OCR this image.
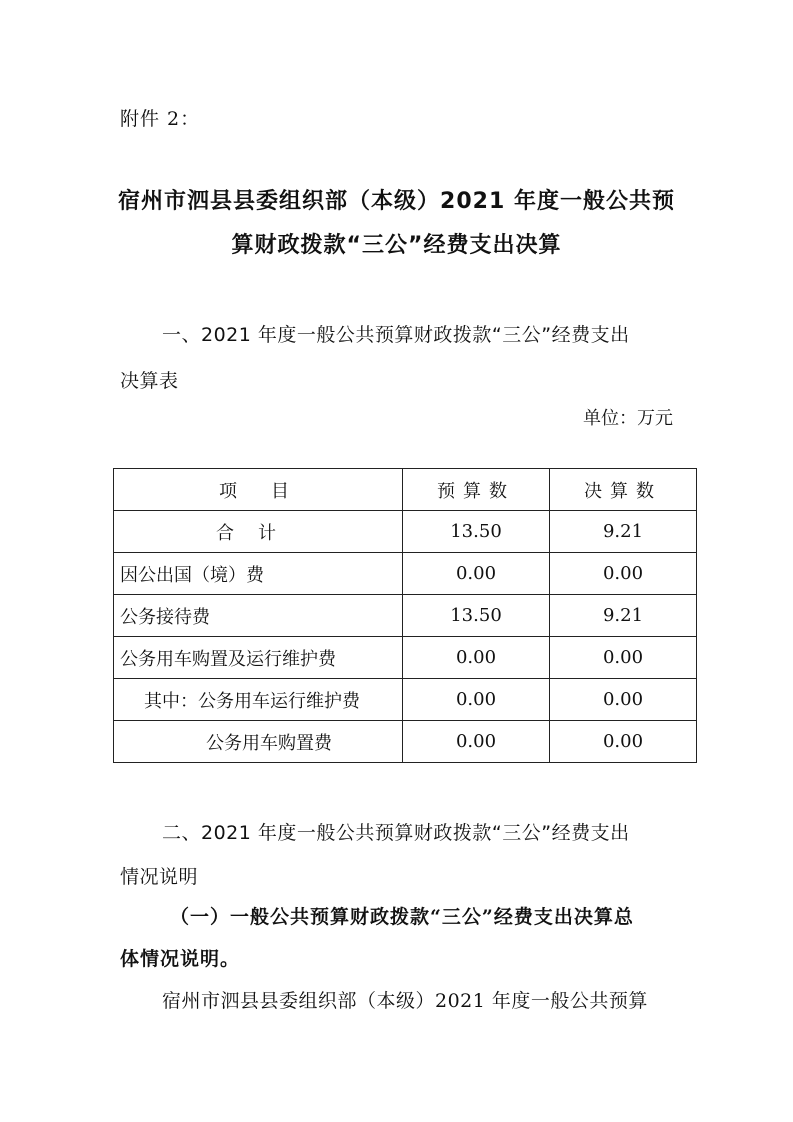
附件 2：
宿州市泗县县委组织部（本级）2021 年度一般公共预
算财政拨款“三公”经费支出决算
一、2021 年度一般公共预算财政拨款“三公”经费支出
决算表
单位：万元
项　目	预算数	决算数
合计	13.50	9.21
因公出国（境）费	0.00	0.00
公务接待费	13.50	9.21
公务用车购置及运行维护费	0.00	0.00
其中：公务用车运行维护费	0.00	0.00
公务用车购置费	0.00	0.00
二、2021 年度一般公共预算财政拨款“三公”经费支出
情况说明
（一）一般公共预算财政拨款“三公”经费支出决算总
体情况说明。
宿州市泗县县委组织部（本级）2021 年度一般公共预算
